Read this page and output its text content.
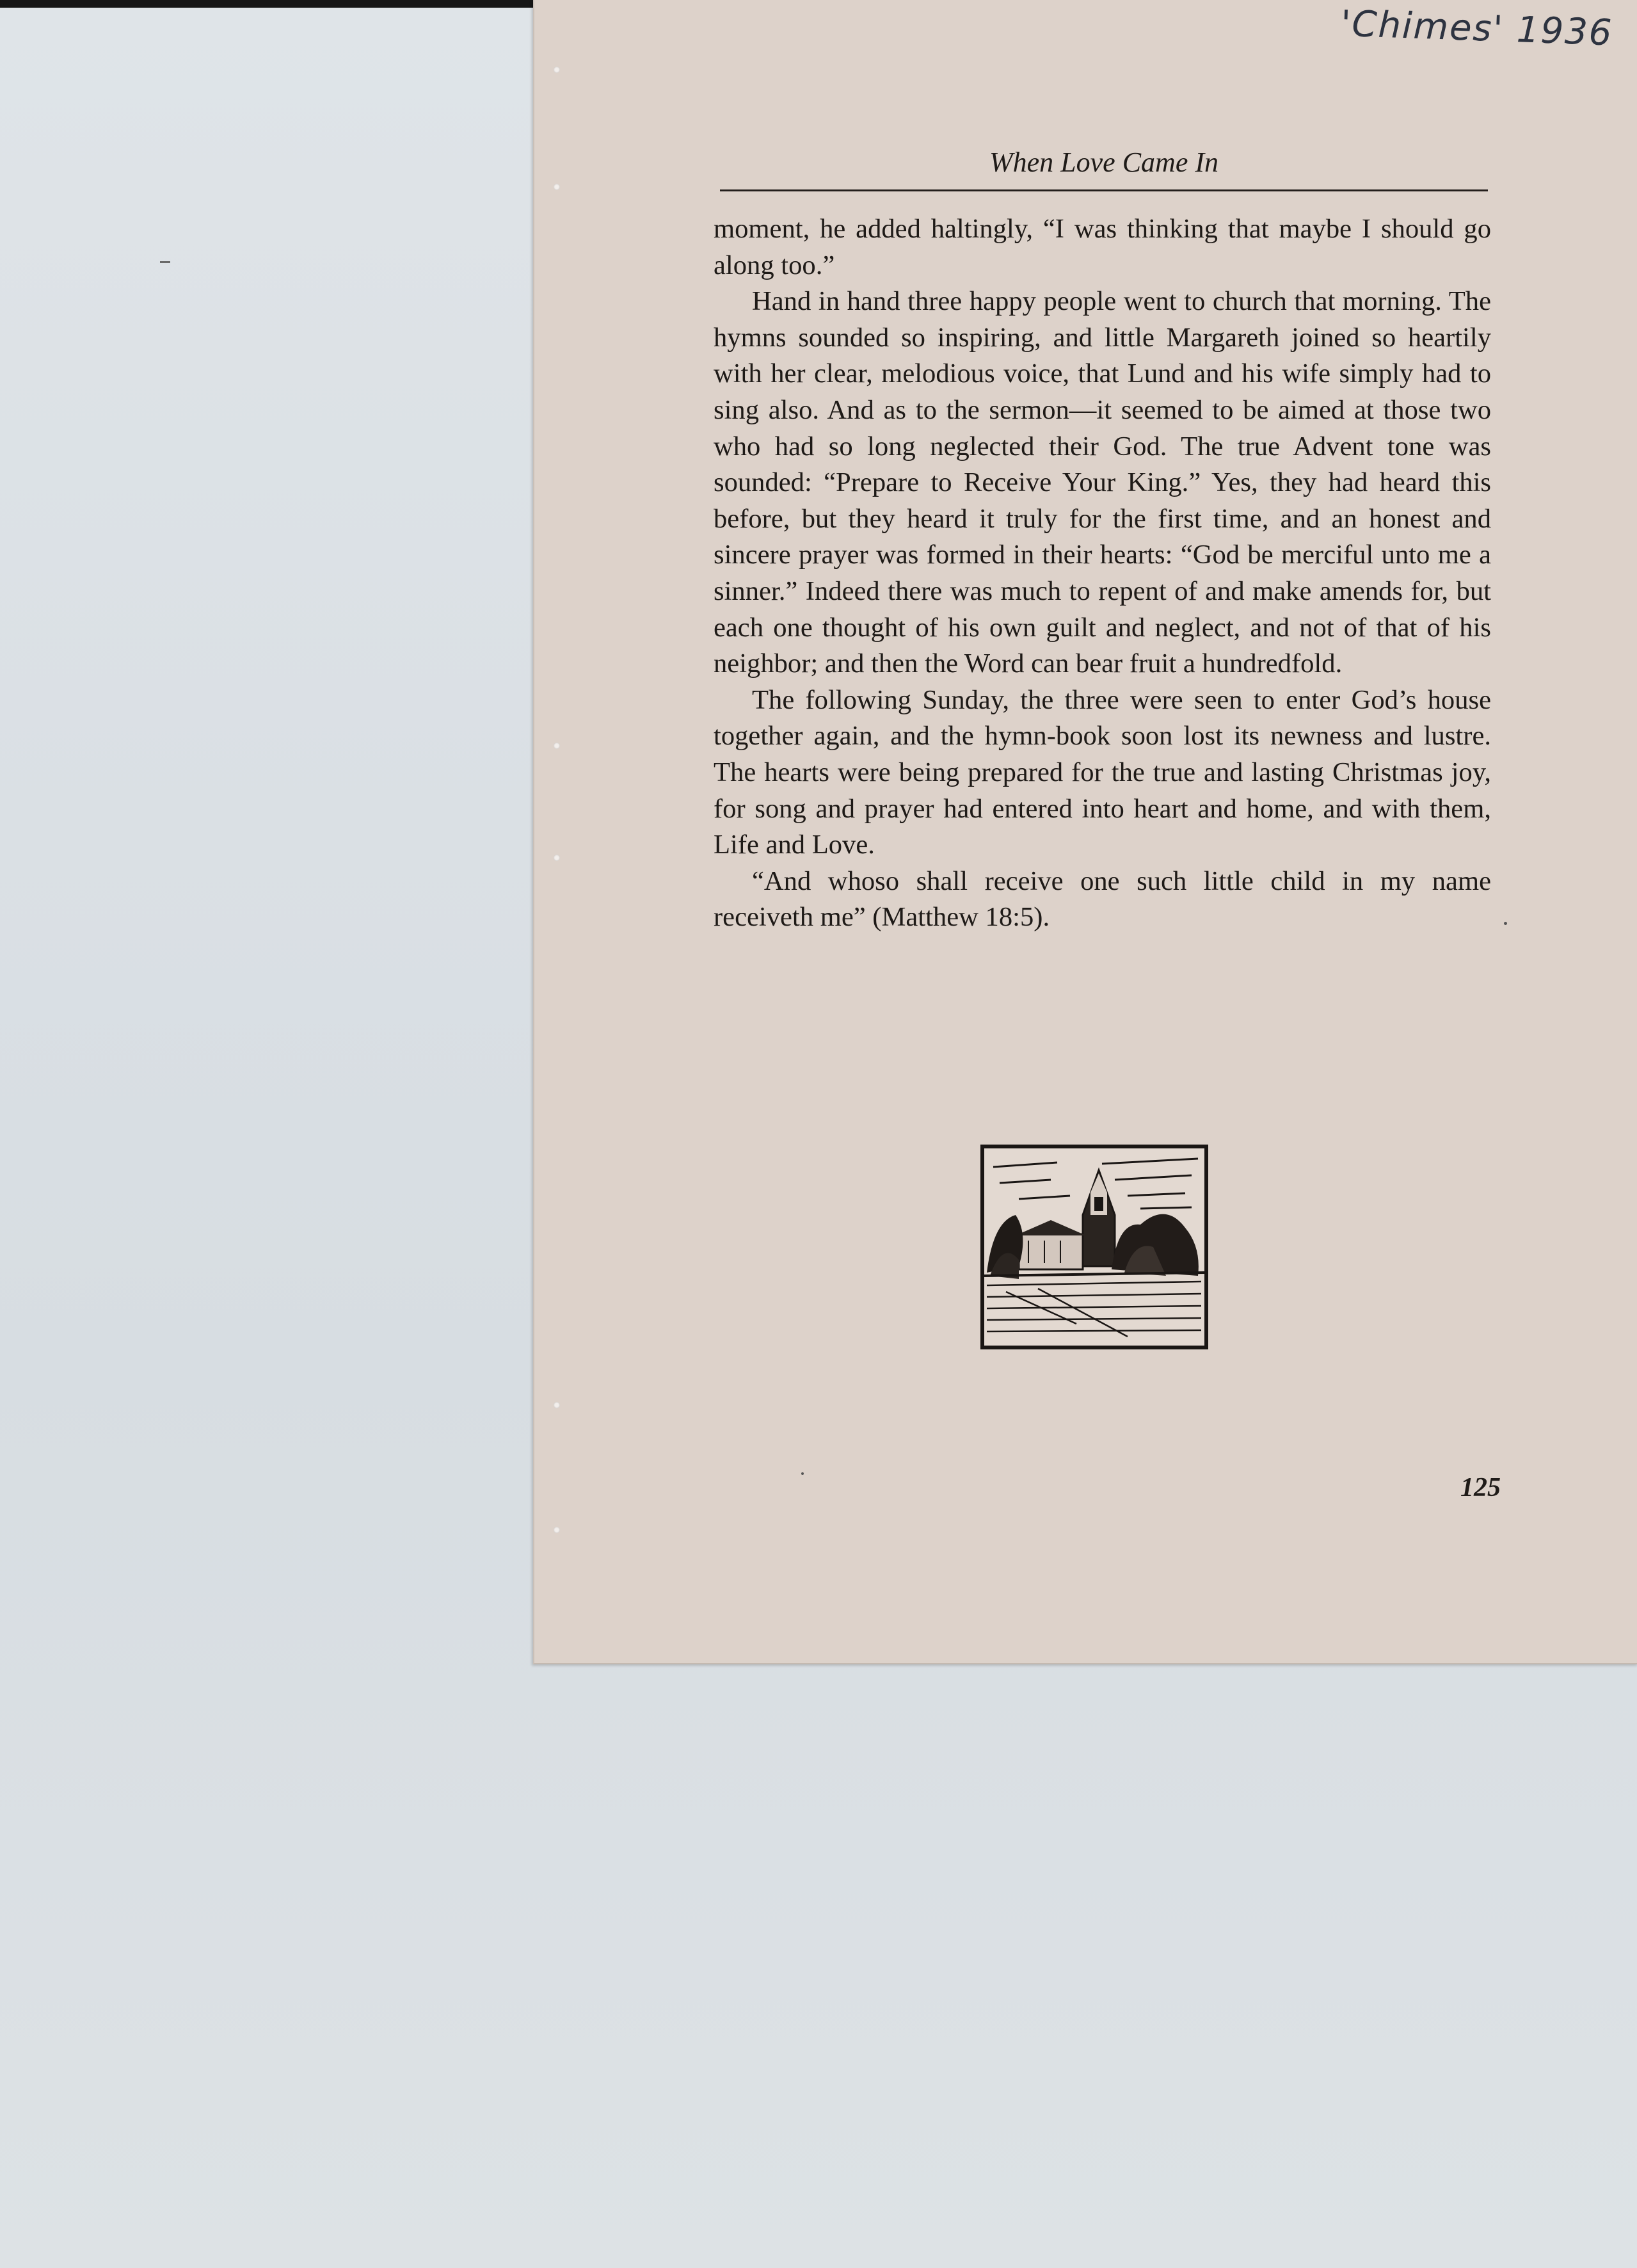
'Chimes' 1936
When Love Came In

moment, he added haltingly, “I was thinking that maybe I should go along too.”

Hand in hand three happy people went to church that morning. The hymns sounded so inspiring, and little Margareth joined so heartily with her clear, melodious voice, that Lund and his wife simply had to sing also. And as to the sermon—it seemed to be aimed at those two who had so long neglected their God. The true Advent tone was sounded: “Prepare to Receive Your King.” Yes, they had heard this before, but they heard it truly for the first time, and an honest and sincere prayer was formed in their hearts: “God be merciful unto me a sinner.” Indeed there was much to repent of and make amends for, but each one thought of his own guilt and neglect, and not of that of his neighbor; and then the Word can bear fruit a hundredfold.

The following Sunday, the three were seen to enter God’s house together again, and the hymn-book soon lost its newness and lustre. The hearts were being prepared for the true and lasting Christmas joy, for song and prayer had entered into heart and home, and with them, Life and Love.

“And whoso shall receive one such little child in my name receiveth me” (Matthew 18:5).

125
